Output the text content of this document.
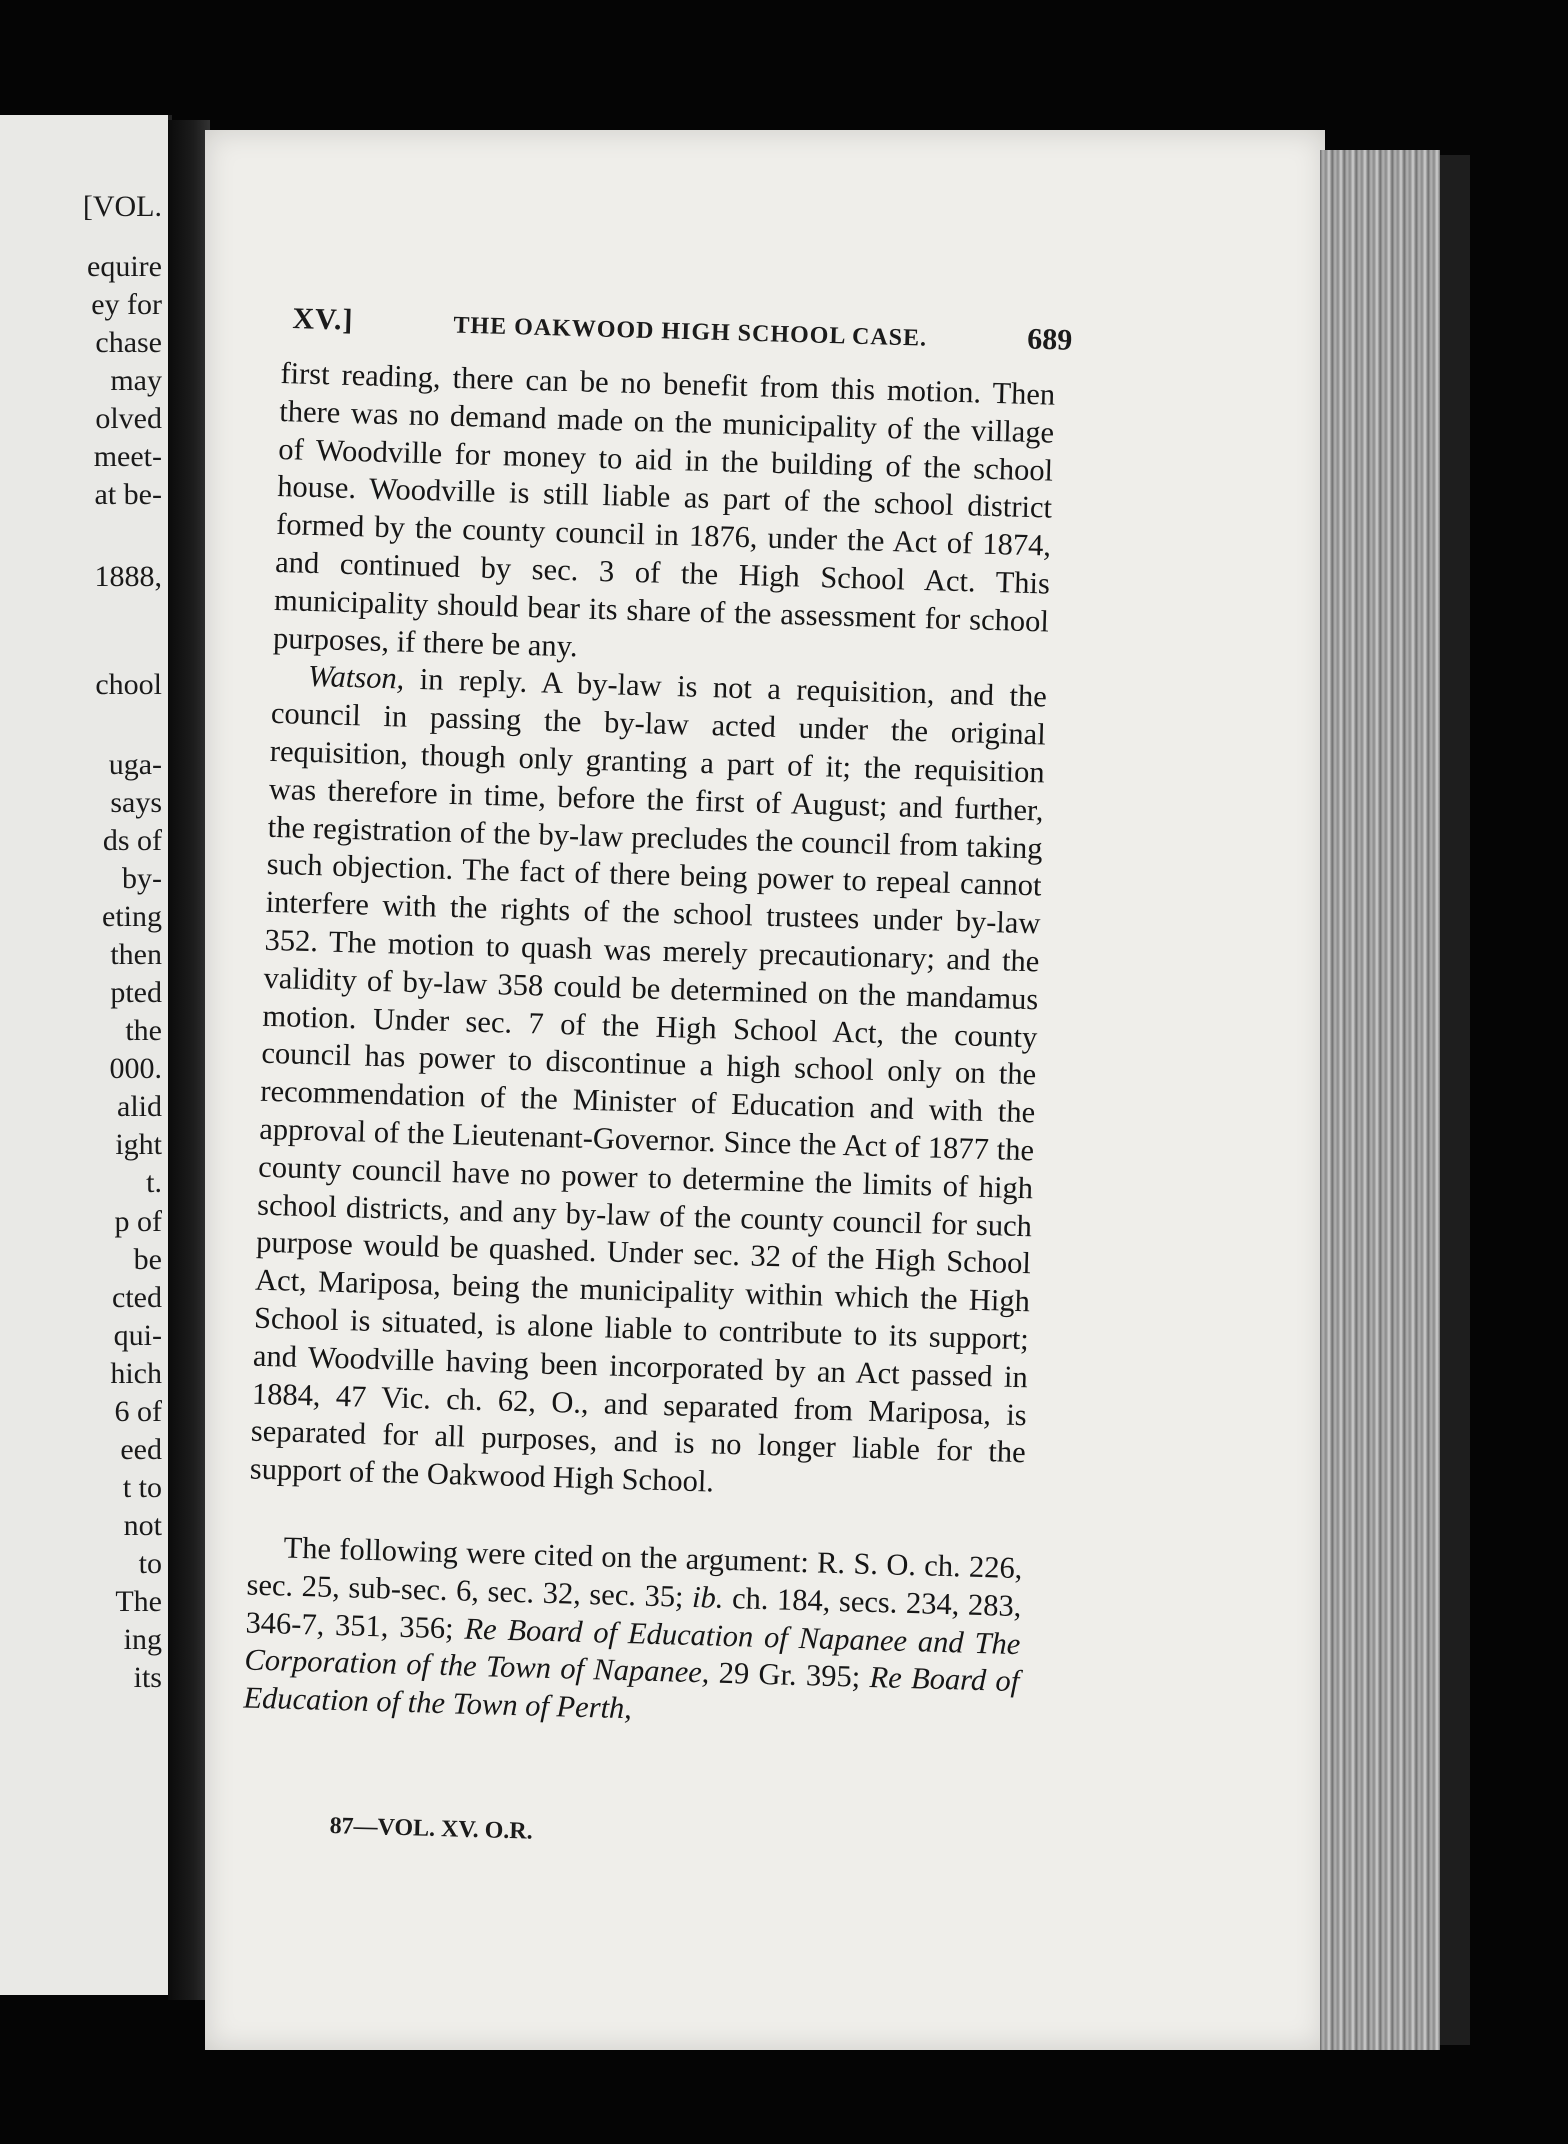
[VOL.
equire
ey for
chase
may
olved
meet-
at be-
1888,
chool
uga-
says
ds of
by-
eting
then
pted
the
000.
alid
ight
t.
p of
be
cted
qui-
hich
6 of
eed
t to
not
to
The
ing
its
XV.]	THE OAKWOOD HIGH SCHOOL CASE.	689

first reading, there can be no benefit from this motion. Then there was no demand made on the municipality of the village of Woodville for money to aid in the building of the school house. Woodville is still liable as part of the school district formed by the county council in 1876, under the Act of 1874, and continued by sec. 3 of the High School Act. This municipality should bear its share of the assessment for school purposes, if there be any.

Watson, in reply. A by-law is not a requisition, and the council in passing the by-law acted under the original requisition, though only granting a part of it; the requisition was therefore in time, before the first of August; and further, the registration of the by-law precludes the council from taking such objection. The fact of there being power to repeal cannot interfere with the rights of the school trustees under by-law 352. The motion to quash was merely precautionary; and the validity of by-law 358 could be determined on the mandamus motion. Under sec. 7 of the High School Act, the county council has power to discontinue a high school only on the recommendation of the Minister of Education and with the approval of the Lieutenant-Governor. Since the Act of 1877 the county council have no power to determine the limits of high school districts, and any by-law of the county council for such purpose would be quashed. Under sec. 32 of the High School Act, Mariposa, being the municipality within which the High School is situated, is alone liable to contribute to its support; and Woodville having been incorporated by an Act passed in 1884, 47 Vic. ch. 62, O., and separated from Mariposa, is separated for all purposes, and is no longer liable for the support of the Oakwood High School.

The following were cited on the argument: R. S. O. ch. 226, sec. 25, sub-sec. 6, sec. 32, sec. 35; ib. ch. 184, secs. 234, 283, 346-7, 351, 356; Re Board of Education of Napanee and The Corporation of the Town of Napanee, 29 Gr. 395; Re Board of Education of the Town of Perth,

87—VOL. XV. O.R.
